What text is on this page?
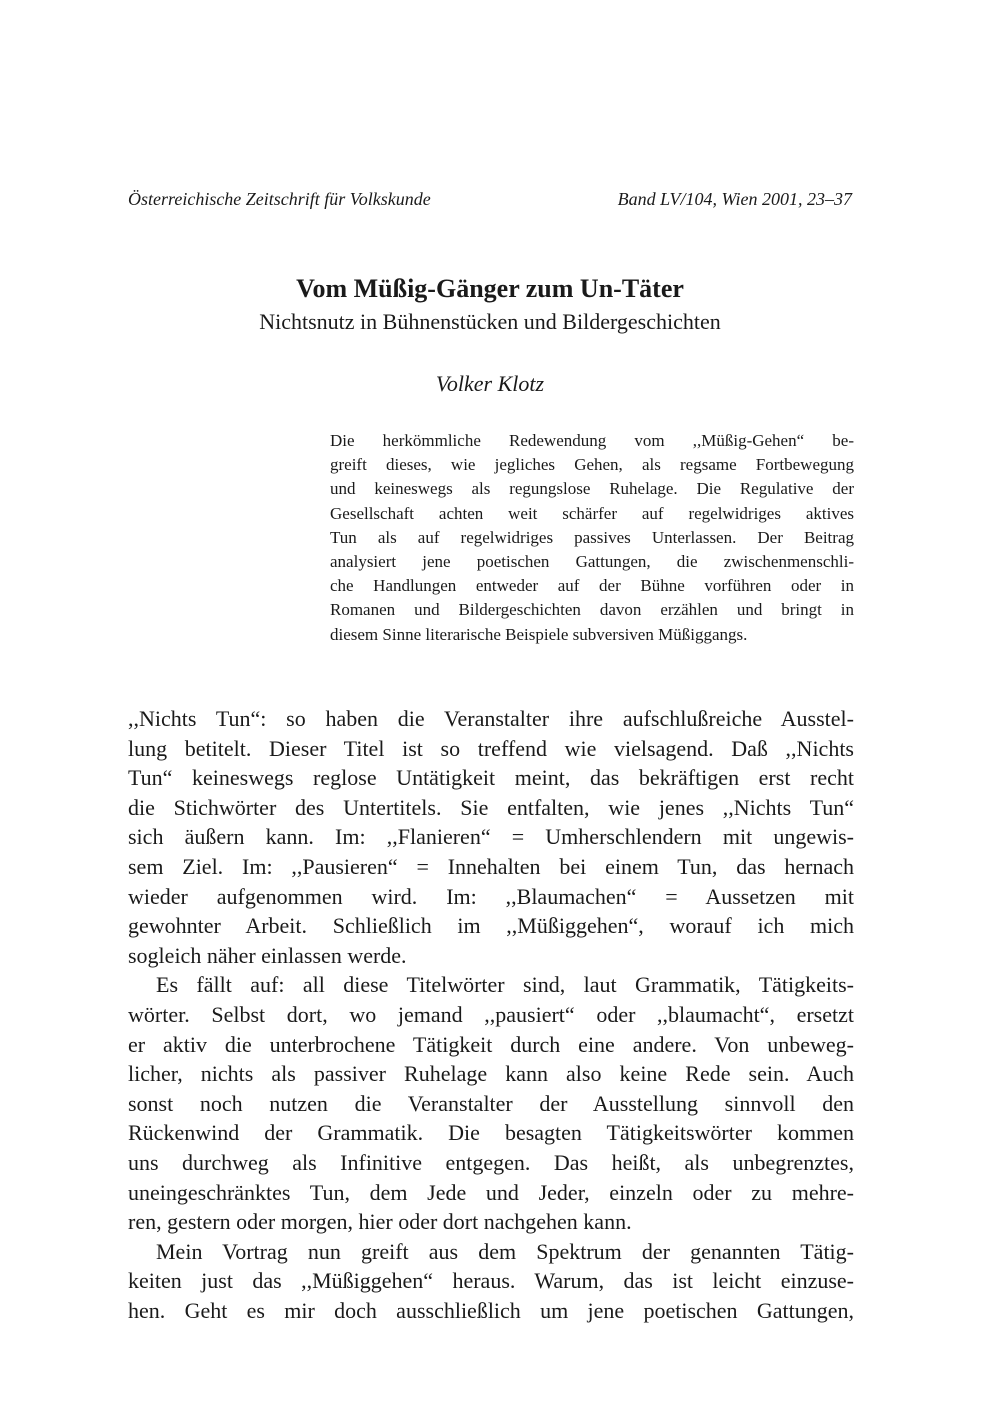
Österreichische Zeitschrift für Volkskunde	Band LV/104, Wien 2001, 23–37
Vom Müßig-Gänger zum Un-Täter
Nichtsnutz in Bühnenstücken und Bildergeschichten
Volker Klotz
Die herkömmliche Redewendung vom ,,Müßig-Gehen“ be-
greift dieses, wie jegliches Gehen, als regsame Fortbewegung
und keineswegs als regungslose Ruhelage. Die Regulative der
Gesellschaft achten weit schärfer auf regelwidriges aktives
Tun als auf regelwidriges passives Unterlassen. Der Beitrag
analysiert jene poetischen Gattungen, die zwischenmenschli-
che Handlungen entweder auf der Bühne vorführen oder in
Romanen und Bildergeschichten davon erzählen und bringt in
diesem Sinne literarische Beispiele subversiven Müßiggangs.
,,Nichts Tun“: so haben die Veranstalter ihre aufschlußreiche Ausstel-
lung betitelt. Dieser Titel ist so treffend wie vielsagend. Daß ,,Nichts
Tun“ keineswegs reglose Untätigkeit meint, das bekräftigen erst recht
die Stichwörter des Untertitels. Sie entfalten, wie jenes ,,Nichts Tun“
sich äußern kann. Im: ,,Flanieren“ = Umherschlendern mit ungewis-
sem Ziel. Im: ,,Pausieren“ = Innehalten bei einem Tun, das hernach
wieder aufgenommen wird. Im: ,,Blaumachen“ = Aussetzen mit
gewohnter Arbeit. Schließlich im ,,Müßiggehen“, worauf ich mich
sogleich näher einlassen werde.
Es fällt auf: all diese Titelwörter sind, laut Grammatik, Tätigkeits-
wörter. Selbst dort, wo jemand ,,pausiert“ oder ,,blaumacht“, ersetzt
er aktiv die unterbrochene Tätigkeit durch eine andere. Von unbeweg-
licher, nichts als passiver Ruhelage kann also keine Rede sein. Auch
sonst noch nutzen die Veranstalter der Ausstellung sinnvoll den
Rückenwind der Grammatik. Die besagten Tätigkeitswörter kommen
uns durchweg als Infinitive entgegen. Das heißt, als unbegrenztes,
uneingeschränktes Tun, dem Jede und Jeder, einzeln oder zu mehre-
ren, gestern oder morgen, hier oder dort nachgehen kann.
Mein Vortrag nun greift aus dem Spektrum der genannten Tätig-
keiten just das ,,Müßiggehen“ heraus. Warum, das ist leicht einzuse-
hen. Geht es mir doch ausschließlich um jene poetischen Gattungen,
